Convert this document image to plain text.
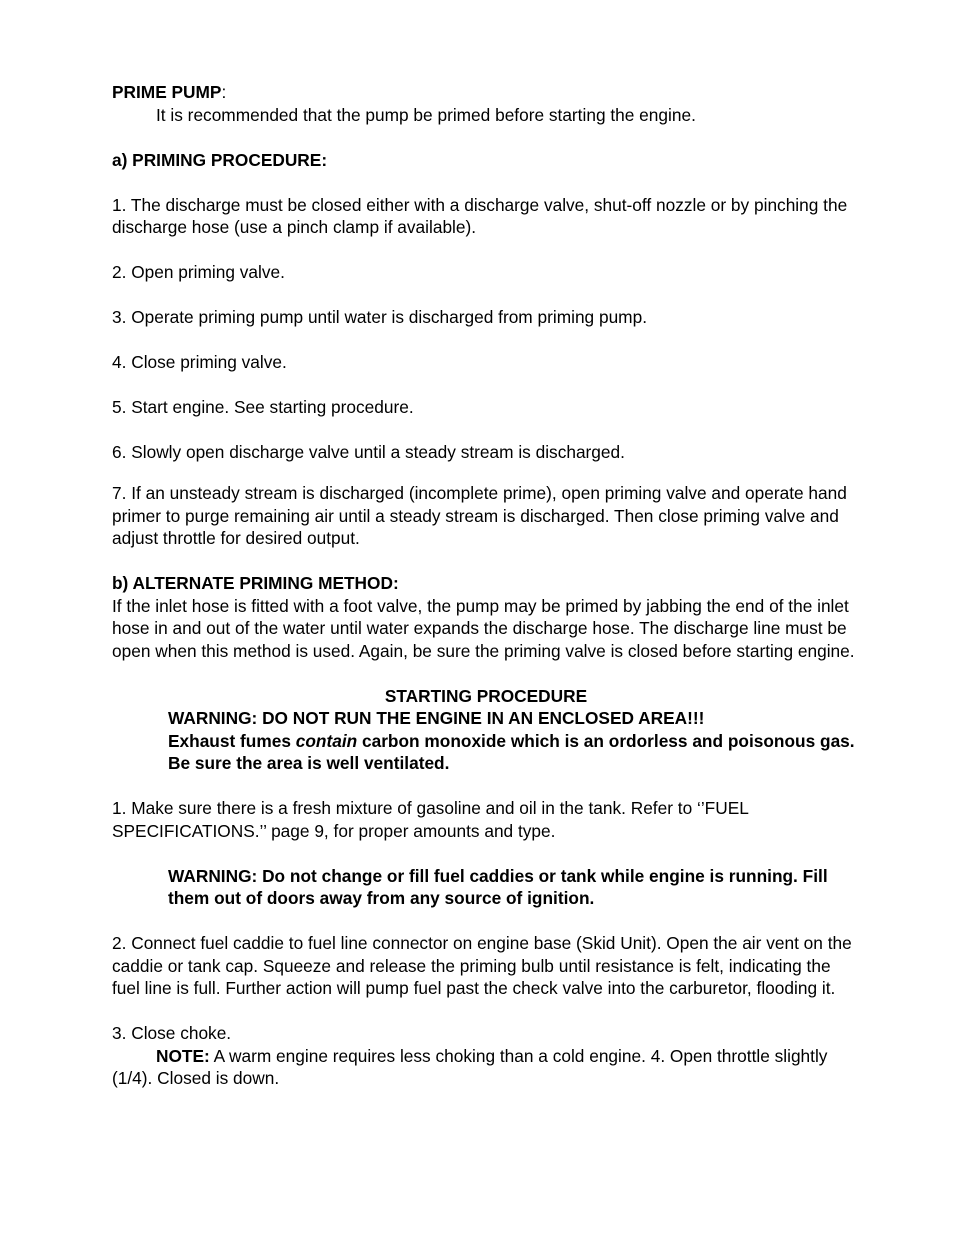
PRIME PUMP:

It is recommended that the pump be primed before starting the engine.

a) PRIMING PROCEDURE:

1. The discharge must be closed either with a discharge valve, shut-off nozzle or by pinching the discharge hose (use a pinch clamp if available).

2. Open priming valve.

3. Operate priming pump until water is discharged from priming pump.

4. Close priming valve.

5. Start engine. See starting procedure.

6. Slowly open discharge valve until a steady stream is discharged.

7. If an unsteady stream is discharged (incomplete prime), open priming valve and operate hand primer to purge remaining air until a steady stream is discharged. Then close priming valve and adjust throttle for desired output.

b) ALTERNATE PRIMING METHOD:

If the inlet hose is fitted with a foot valve, the pump may be primed by jabbing the end of the inlet hose in and out of the water until water expands the discharge hose. The discharge line must be open when this method is used. Again, be sure the priming valve is closed before starting engine.

STARTING PROCEDURE

WARNING: DO NOT RUN THE ENGINE IN AN ENCLOSED AREA!!!

Exhaust fumes contain carbon monoxide which is an ordorless and poisonous gas. Be sure the area is well ventilated.

1. Make sure there is a fresh mixture of gasoline and oil in the tank. Refer to ‘’FUEL SPECIFICATIONS.’’ page 9, for proper amounts and type.

WARNING: Do not change or fill fuel caddies or tank while engine is running. Fill them out of doors away from any source of ignition.

2. Connect fuel caddie to fuel line connector on engine base (Skid Unit). Open the air vent on the caddie or tank cap. Squeeze and release the priming bulb until resistance is felt, indicating the fuel line is full. Further action will pump fuel past the check valve into the carburetor, flooding it.

3. Close choke.

NOTE: A warm engine requires less choking than a cold engine. 4. Open throttle slightly (1/4). Closed is down.
